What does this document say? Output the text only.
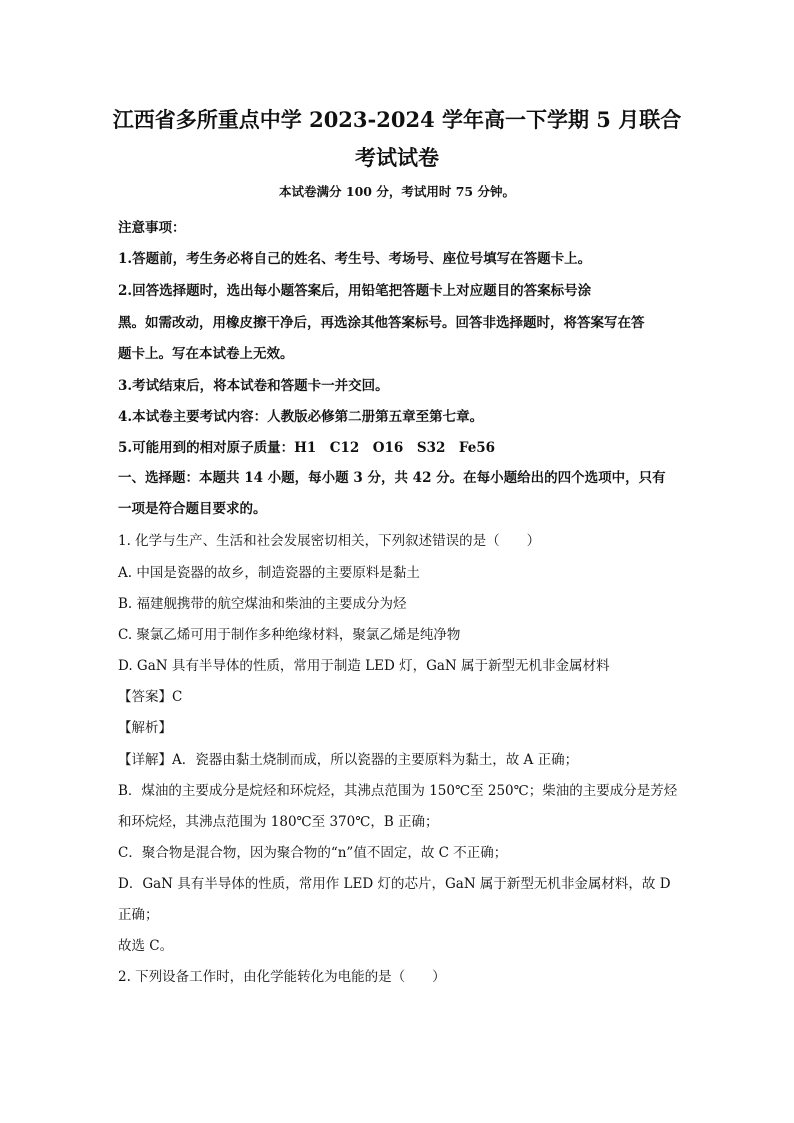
江西省多所重点中学 2023-2024 学年高一下学期 5 月联合
考试试卷
本试卷满分 100 分，考试用时 75 分钟。
注意事项：
1.答题前，考生务必将自己的姓名、考生号、考场号、座位号填写在答题卡上。
2.回答选择题时，选出每小题答案后，用铅笔把答题卡上对应题目的答案标号涂
黑。如需改动，用橡皮擦干净后，再选涂其他答案标号。回答非选择题时，将答案写在答
题卡上。写在本试卷上无效。
3.考试结束后，将本试卷和答题卡一并交回。
4.本试卷主要考试内容：人教版必修第二册第五章至第七章。
5.可能用到的相对原子质量：H1　C12　O16　S32　Fe56
一、选择题：本题共 14 小题，每小题 3 分，共 42 分。在每小题给出的四个选项中，只有
一项是符合题目要求的。
1. 化学与生产、生活和社会发展密切相关，下列叙述错误的是（　　）
A. 中国是瓷器的故乡，制造瓷器的主要原料是黏土
B. 福建舰携带的航空煤油和柴油的主要成分为烃
C. 聚氯乙烯可用于制作多种绝缘材料，聚氯乙烯是纯净物
D. GaN 具有半导体的性质，常用于制造 LED 灯，GaN 属于新型无机非金属材料
【答案】C
【解析】
【详解】A．瓷器由黏土烧制而成，所以瓷器的主要原料为黏土，故 A 正确；
B．煤油的主要成分是烷烃和环烷烃，其沸点范围为 150℃至 250℃；柴油的主要成分是芳烃
和环烷烃，其沸点范围为 180℃至 370℃，B 正确；
C．聚合物是混合物，因为聚合物的“n”值不固定，故 C 不正确；
D．GaN 具有半导体的性质，常用作 LED 灯的芯片，GaN 属于新型无机非金属材料，故 D
正确；
故选 C。
2. 下列设备工作时，由化学能转化为电能的是（　　）
